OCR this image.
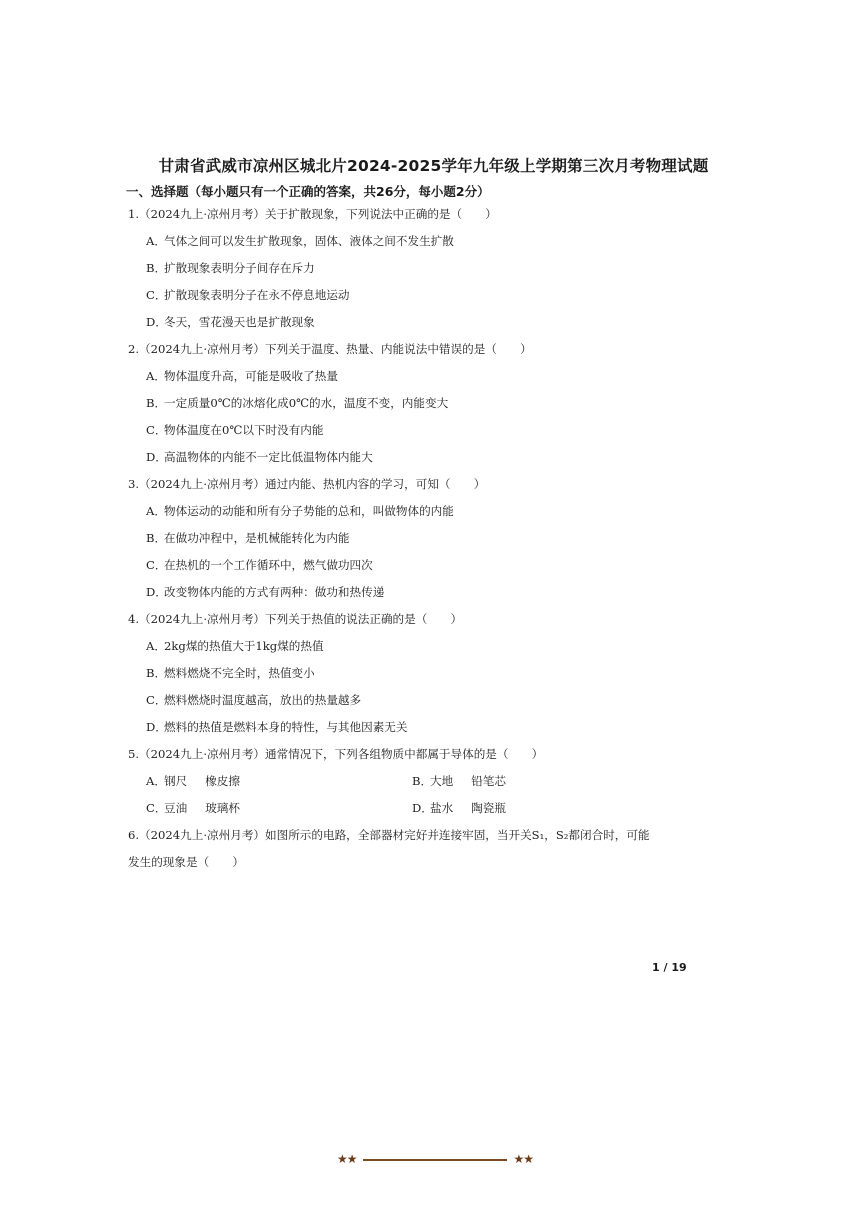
甘肃省武威市凉州区城北片2024-2025学年九年级上学期第三次月考物理试题
一、选择题（每小题只有一个正确的答案，共26分，每小题2分）
1.（2024九上·凉州月考）关于扩散现象，下列说法中正确的是（　　）
A．气体之间可以发生扩散现象，固体、液体之间不发生扩散
B．扩散现象表明分子间存在斥力
C．扩散现象表明分子在永不停息地运动
D．冬天，雪花漫天也是扩散现象
2.（2024九上·凉州月考）下列关于温度、热量、内能说法中错误的是（　　）
A．物体温度升高，可能是吸收了热量
B．一定质量0℃的冰熔化成0℃的水，温度不变，内能变大
C．物体温度在0℃以下时没有内能
D．高温物体的内能不一定比低温物体内能大
3.（2024九上·凉州月考）通过内能、热机内容的学习，可知（　　）
A．物体运动的动能和所有分子势能的总和，叫做物体的内能
B．在做功冲程中，是机械能转化为内能
C．在热机的一个工作循环中，燃气做功四次
D．改变物体内能的方式有两种：做功和热传递
4.（2024九上·凉州月考）下列关于热值的说法正确的是（　　）
A．2kg煤的热值大于1kg煤的热值
B．燃料燃烧不完全时，热值变小
C．燃料燃烧时温度越高，放出的热量越多
D．燃料的热值是燃料本身的特性，与其他因素无关
5.（2024九上·凉州月考）通常情况下，下列各组物质中都属于导体的是（　　）
A．钢尺 橡皮擦	B．大地 铅笔芯
C．豆油 玻璃杯	D．盐水 陶瓷瓶
6.（2024九上·凉州月考）如图所示的电路，全部器材完好并连接牢固，当开关S₁，S₂都闭合时，可能
发生的现象是（　　）
1 / 19
★★	★★
